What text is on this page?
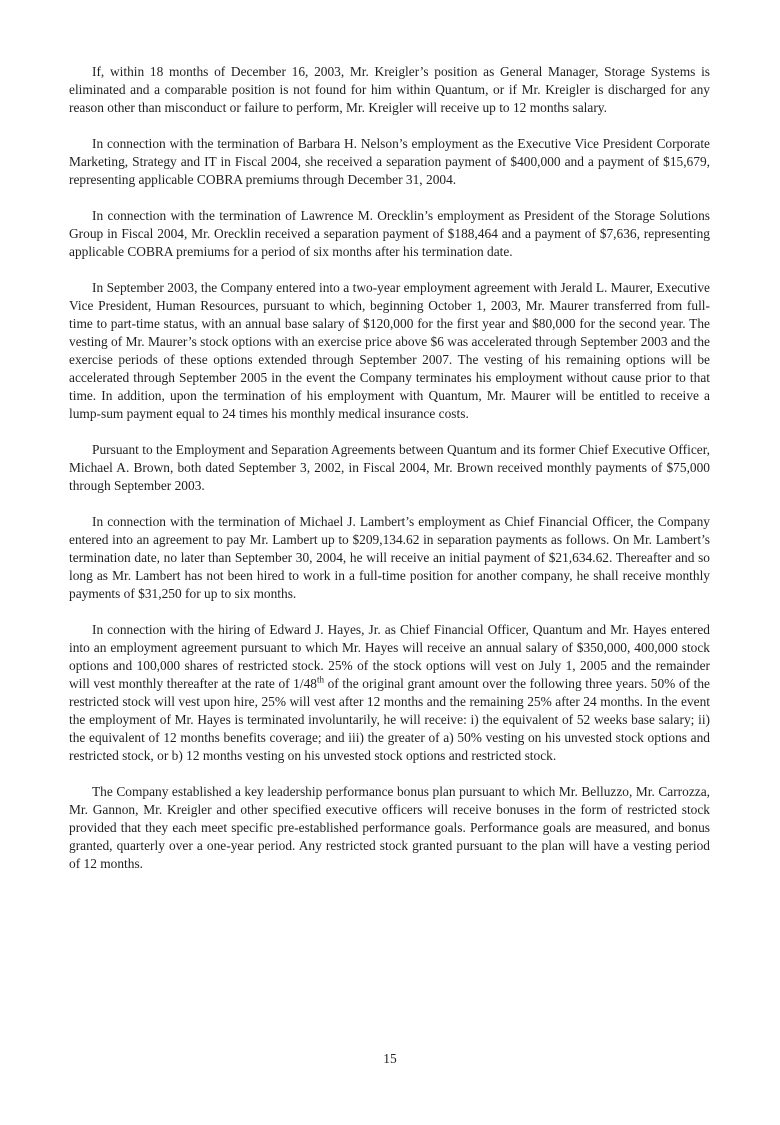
If, within 18 months of December 16, 2003, Mr. Kreigler’s position as General Manager, Storage Systems is eliminated and a comparable position is not found for him within Quantum, or if Mr. Kreigler is discharged for any reason other than misconduct or failure to perform, Mr. Kreigler will receive up to 12 months salary.

In connection with the termination of Barbara H. Nelson’s employment as the Executive Vice President Corporate Marketing, Strategy and IT in Fiscal 2004, she received a separation payment of $400,000 and a payment of $15,679, representing applicable COBRA premiums through December 31, 2004.

In connection with the termination of Lawrence M. Orecklin’s employment as President of the Storage Solutions Group in Fiscal 2004, Mr. Orecklin received a separation payment of $188,464 and a payment of $7,636, representing applicable COBRA premiums for a period of six months after his termination date.

In September 2003, the Company entered into a two-year employment agreement with Jerald L. Maurer, Executive Vice President, Human Resources, pursuant to which, beginning October 1, 2003, Mr. Maurer transferred from full-time to part-time status, with an annual base salary of $120,000 for the first year and $80,000 for the second year. The vesting of Mr. Maurer’s stock options with an exercise price above $6 was accelerated through September 2003 and the exercise periods of these options extended through September 2007. The vesting of his remaining options will be accelerated through September 2005 in the event the Company terminates his employment without cause prior to that time. In addition, upon the termination of his employment with Quantum, Mr. Maurer will be entitled to receive a lump-sum payment equal to 24 times his monthly medical insurance costs.

Pursuant to the Employment and Separation Agreements between Quantum and its former Chief Executive Officer, Michael A. Brown, both dated September 3, 2002, in Fiscal 2004, Mr. Brown received monthly payments of $75,000 through September 2003.

In connection with the termination of Michael J. Lambert’s employment as Chief Financial Officer, the Company entered into an agreement to pay Mr. Lambert up to $209,134.62 in separation payments as follows. On Mr. Lambert’s termination date, no later than September 30, 2004, he will receive an initial payment of $21,634.62. Thereafter and so long as Mr. Lambert has not been hired to work in a full-time position for another company, he shall receive monthly payments of $31,250 for up to six months.

In connection with the hiring of Edward J. Hayes, Jr. as Chief Financial Officer, Quantum and Mr. Hayes entered into an employment agreement pursuant to which Mr. Hayes will receive an annual salary of $350,000, 400,000 stock options and 100,000 shares of restricted stock. 25% of the stock options will vest on July 1, 2005 and the remainder will vest monthly thereafter at the rate of 1/48th of the original grant amount over the following three years. 50% of the restricted stock will vest upon hire, 25% will vest after 12 months and the remaining 25% after 24 months. In the event the employment of Mr. Hayes is terminated involuntarily, he will receive: i) the equivalent of 52 weeks base salary; ii) the equivalent of 12 months benefits coverage; and iii) the greater of a) 50% vesting on his unvested stock options and restricted stock, or b) 12 months vesting on his unvested stock options and restricted stock.

The Company established a key leadership performance bonus plan pursuant to which Mr. Belluzzo, Mr. Carrozza, Mr. Gannon, Mr. Kreigler and other specified executive officers will receive bonuses in the form of restricted stock provided that they each meet specific pre-established performance goals. Performance goals are measured, and bonus granted, quarterly over a one-year period. Any restricted stock granted pursuant to the plan will have a vesting period of 12 months.

15
